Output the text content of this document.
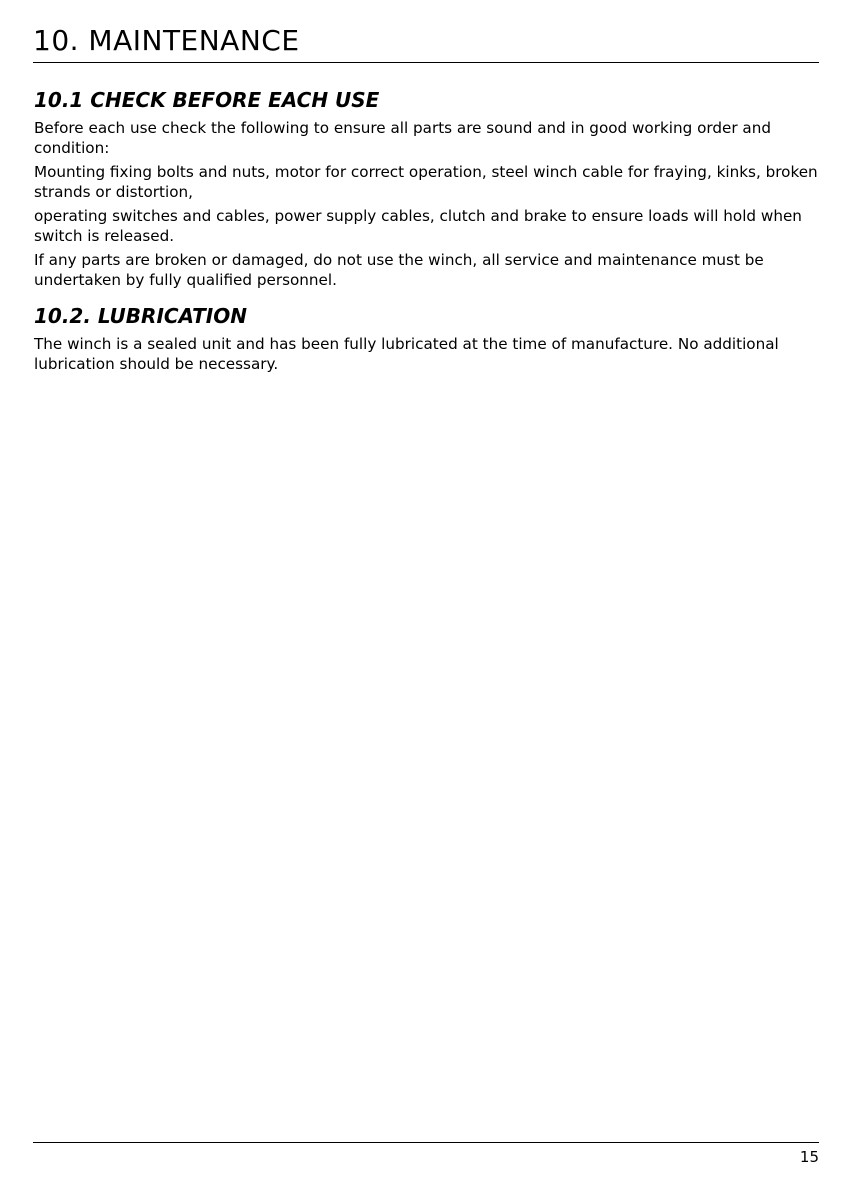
10. MAINTENANCE
10.1 CHECK BEFORE EACH USE

Before each use check the following to ensure all parts are sound and in good working order and condition:

Mounting fixing bolts and nuts, motor for correct operation, steel winch cable for fraying, kinks, broken strands or distortion,

operating switches and cables, power supply cables, clutch and brake to ensure loads will hold when switch is released.

If any parts are broken or damaged, do not use the winch, all service and maintenance must be undertaken by fully qualified personnel.

10.2. LUBRICATION

The winch is a sealed unit and has been fully lubricated at the time of manufacture. No additional lubrication should be necessary.

15
